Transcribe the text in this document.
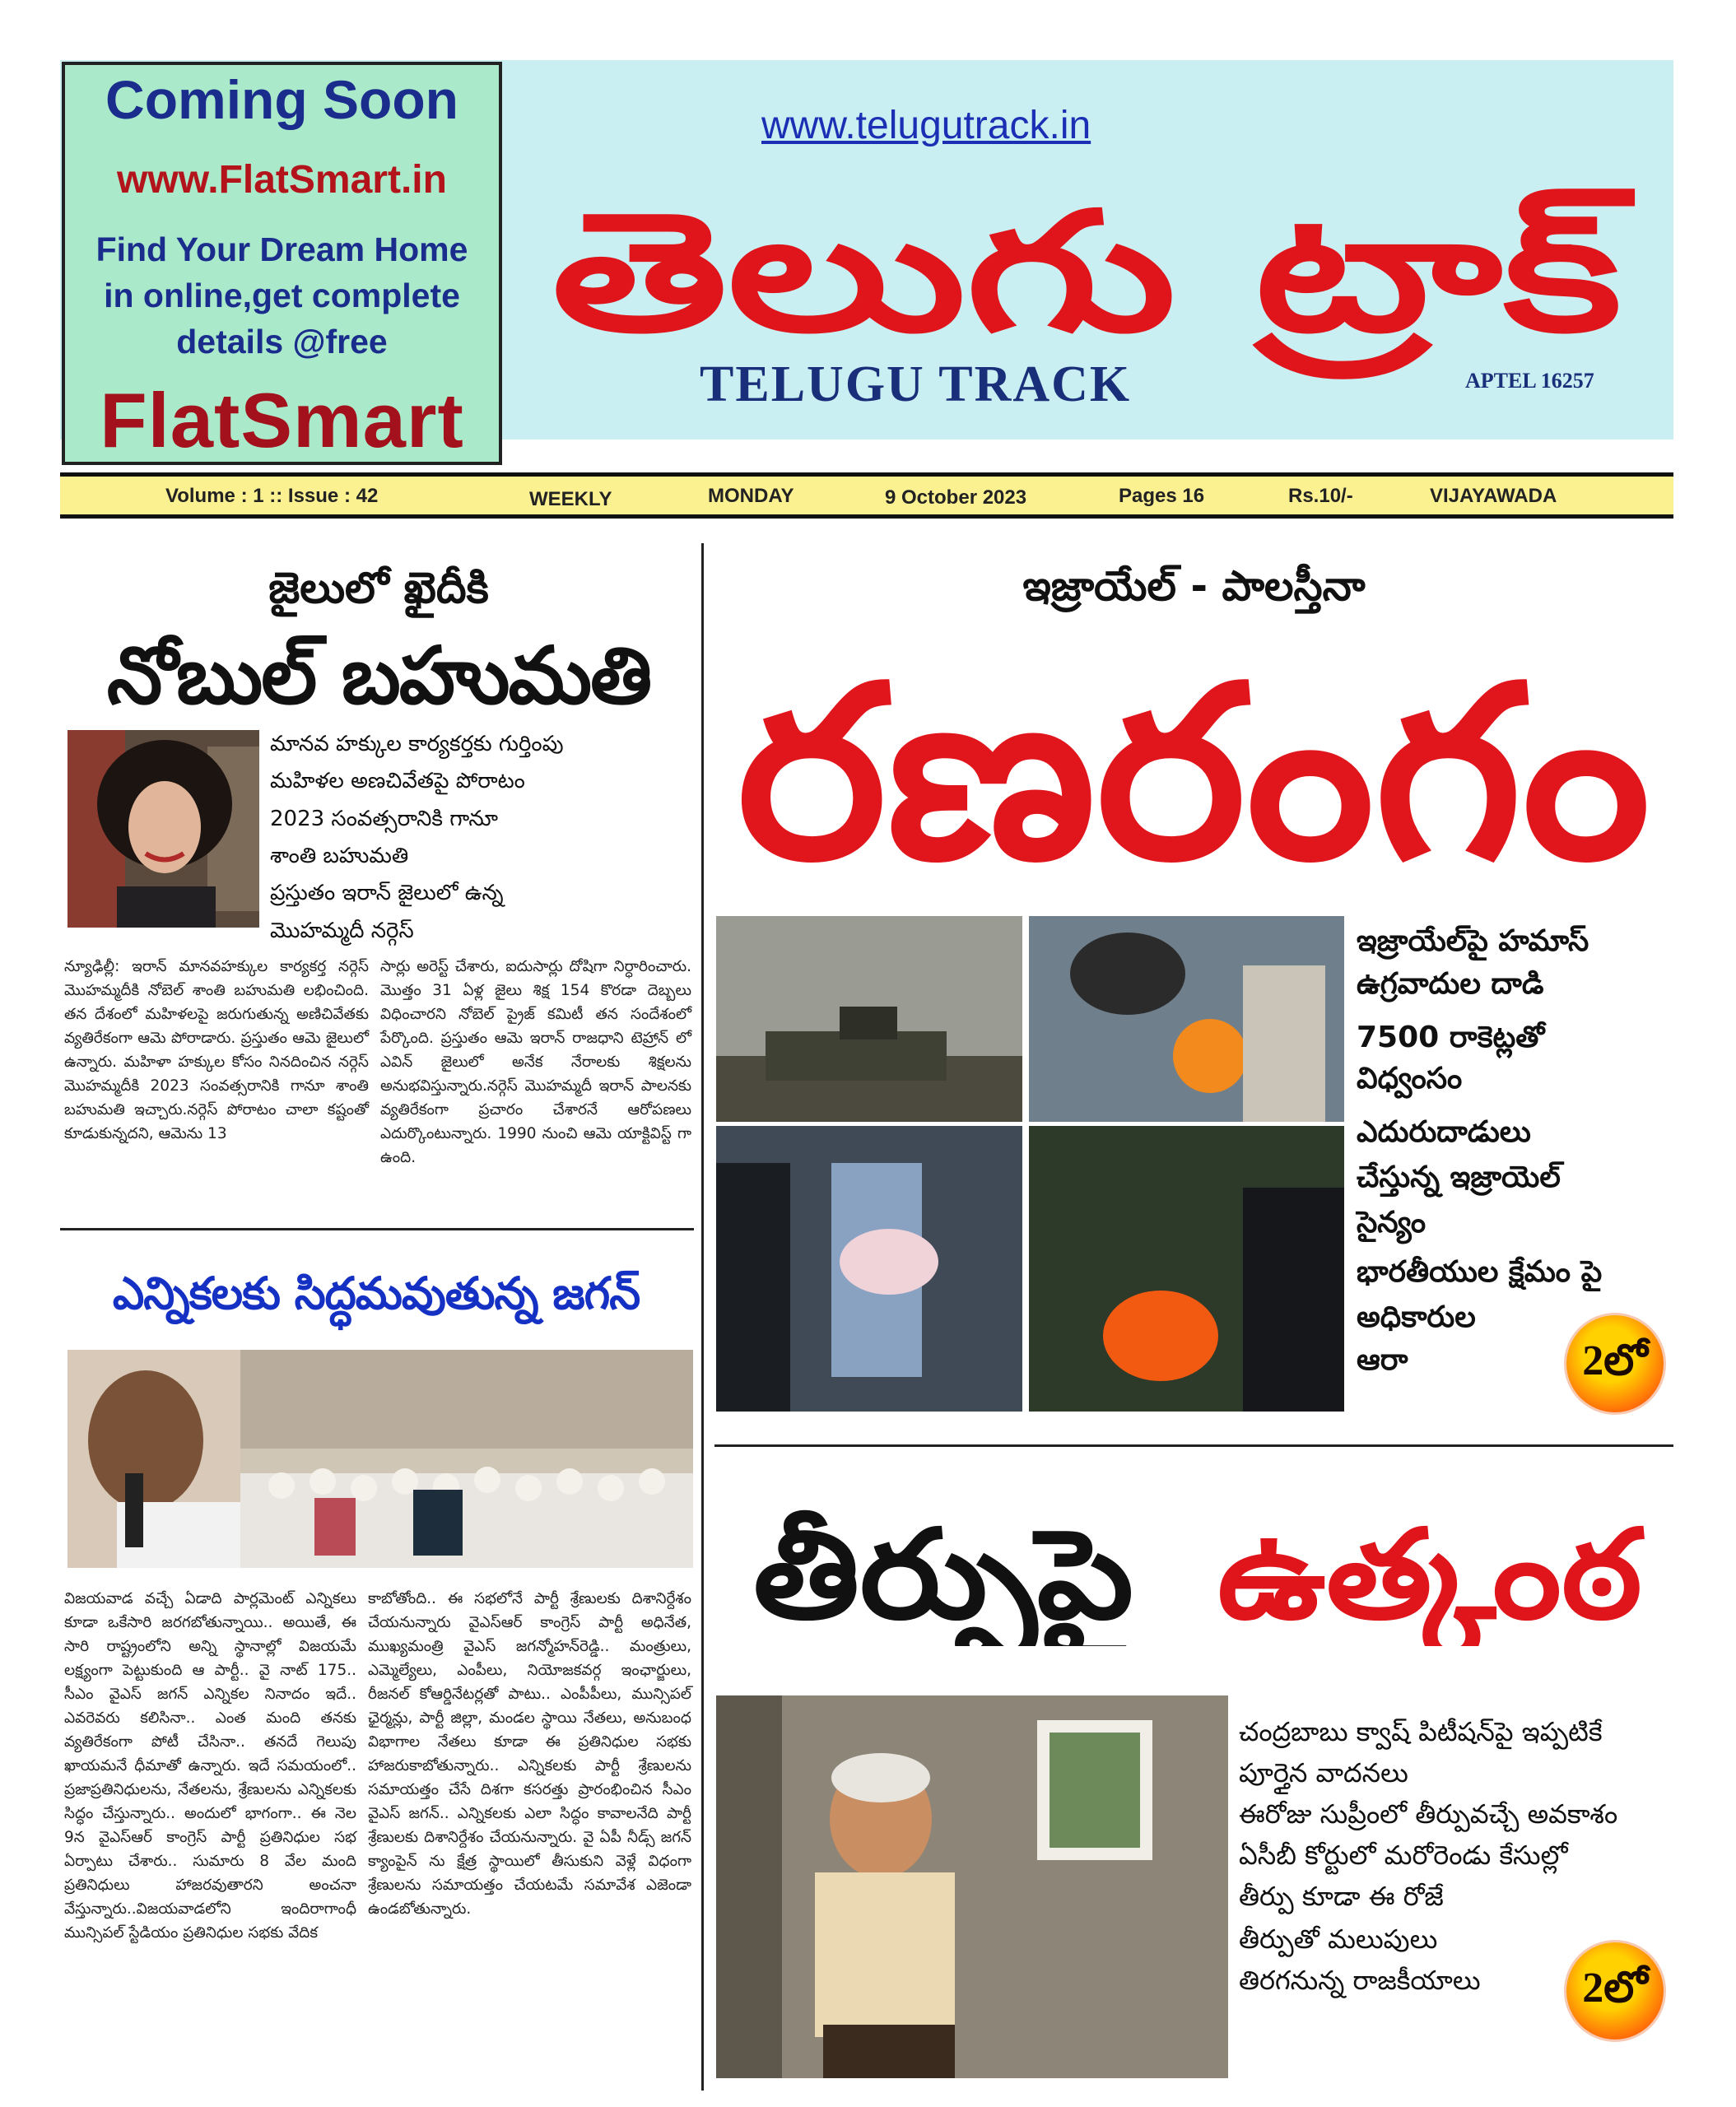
Coming Soon
www.FlatSmart.in
Find Your Dream Home
in online,get complete
details @free
FlatSmart
www.telugutrack.in
తెలుగు ట్రాక్
TELUGU TRACK	APTEL 16257
Volume : 1 :: Issue : 42	WEEKLY	MONDAY	9 October 2023	Pages 16	Rs.10/-	VIJAYAWADA
జైలులో ఖైదీకి
నోబుల్ బహుమతి
మానవ హక్కుల కార్యకర్తకు గుర్తింపు
మహిళల అణచివేతపై పోరాటం
2023 సంవత్సరానికి గానూ
శాంతి బహుమతి
ప్రస్తుతం ఇరాన్ జైలులో ఉన్న
మొహమ్మదీ నర్గెస్
న్యూఢిల్లీ: ఇరాన్ మానవహక్కుల కార్యకర్త నర్గెస్ మొహమ్మదీకి నోబెల్ శాంతి బహుమతి లభించింది. తన దేశంలో మహిళలపై జరుగుతున్న అణిచివేతకు వ్యతిరేకంగా ఆమె పోరాడారు. ప్రస్తుతం ఆమె జైలులో ఉన్నారు. మహిళా హక్కుల కోసం నినదించిన నర్గెస్ మొహమ్మదీకి 2023 సంవత్సరానికి గానూ శాంతి బహుమతి ఇచ్చారు.నర్గెస్ పోరాటం చాలా కష్టంతో కూడుకున్నదని, ఆమెను 13
సార్లు అరెస్ట్ చేశారు, ఐదుసార్లు దోషిగా నిర్ధారించారు. మొత్తం 31 ఏళ్ల జైలు శిక్ష 154 కొరడా దెబ్బలు విధించారని నోబెల్ ప్రైజ్ కమిటీ తన సందేశంలో పేర్కొంది. ప్రస్తుతం ఆమె ఇరాన్ రాజధాని టెహ్రాన్ లో ఎవిన్ జైలులో అనేక నేరాలకు శిక్షలను అనుభవిస్తున్నారు.నర్గెస్ మొహమ్మదీ ఇరాన్ పాలనకు వ్యతిరేకంగా ప్రచారం చేశారనే ఆరోపణలు ఎదుర్కొంటున్నారు. 1990 నుంచి ఆమె యాక్టివిస్ట్ గా ఉంది.
ఎన్నికలకు సిద్ధమవుతున్న జగన్
విజయవాడ వచ్చే ఏడాది పార్లమెంట్ ఎన్నికలు కూడా ఒకేసారి జరగబోతున్నాయి.. అయితే, ఈ సారి రాష్ట్రంలోని అన్ని స్థానాల్లో విజయమే లక్ష్యంగా పెట్టుకుంది ఆ పార్టీ.. వై నాట్ 175.. సీఎం వైఎస్ జగన్ ఎన్నికల నినాదం ఇదే.. ఎవరెవరు కలిసినా.. ఎంత మంది తనకు వ్యతిరేకంగా పోటీ చేసినా.. తనదే గెలుపు ఖాయమనే ధీమాతో ఉన్నారు. ఇదే సమయంలో.. ప్రజాప్రతినిధులను, నేతలను, శ్రేణులను ఎన్నికలకు సిద్ధం చేస్తున్నారు.. అందులో భాగంగా.. ఈ నెల 9న వైఎస్ఆర్ కాంగ్రెస్ పార్టీ ప్రతినిధుల సభ ఏర్పాటు చేశారు.. సుమారు 8 వేల మంది ప్రతినిధులు హాజరవుతారని అంచనా వేస్తున్నారు..విజయవాడలోని ఇందిరాగాంధీ మున్సిపల్ స్టేడియం ప్రతినిధుల సభకు వేదిక
కాబోతోంది.. ఈ సభలోనే పార్టీ శ్రేణులకు దిశానిర్దేశం చేయనున్నారు వైఎస్ఆర్ కాంగ్రెస్ పార్టీ అధినేత, ముఖ్యమంత్రి వైఎస్ జగన్మోహన్‌రెడ్డి.. మంత్రులు, ఎమ్మెల్యేలు, ఎంపీలు, నియోజకవర్గ ఇంఛార్జులు, రీజనల్ కోఆర్డినేటర్లతో పాటు.. ఎంపీపీలు, మున్సిపల్ ఛైర్మన్లు, పార్టీ జిల్లా, మండల స్థాయి నేతలు, అనుబంధ విభాగాల నేతలు కూడా ఈ ప్రతినిధుల సభకు హాజరుకాబోతున్నారు.. ఎన్నికలకు పార్టీ శ్రేణులను సమాయత్తం చేసే దిశగా కసరత్తు ప్రారంభించిన సీఎం వైఎస్ జగన్.. ఎన్నికలకు ఎలా సిద్ధం కావాలనేది పార్టీ శ్రేణులకు దిశానిర్దేశం చేయనున్నారు. వై ఏపీ నీడ్స్ జగన్ క్యాంపైన్ ను క్షేత్ర స్థాయిలో తీసుకుని వెళ్లే విధంగా శ్రేణులను సమాయత్తం చేయటమే సమావేశ ఎజెండా ఉండబోతున్నారు.
ఇజ్రాయేల్ - పాలస్తీనా
రణరంగం
ఇజ్రాయేల్‌పై హమాస్
ఉగ్రవాదుల దాడి
7500 రాకెట్లతో
విధ్వంసం
ఎదురుదాడులు
చేస్తున్న ఇజ్రాయెల్
సైన్యం
భారతీయుల క్షేమం పై
అధికారుల
ఆరా	2లో
తీర్పుపై ఉత్కంఠ
చంద్రబాబు క్వాష్ పిటీషన్‌పై ఇప్పటికే
పూర్తైన వాదనలు
ఈరోజు సుప్రీంలో తీర్పువచ్చే అవకాశం
ఏసీబీ కోర్టులో మరోరెండు కేసుల్లో
తీర్పు కూడా ఈ రోజే
తీర్పుతో మలుపులు
తిరగనున్న రాజకీయాలు	2లో
